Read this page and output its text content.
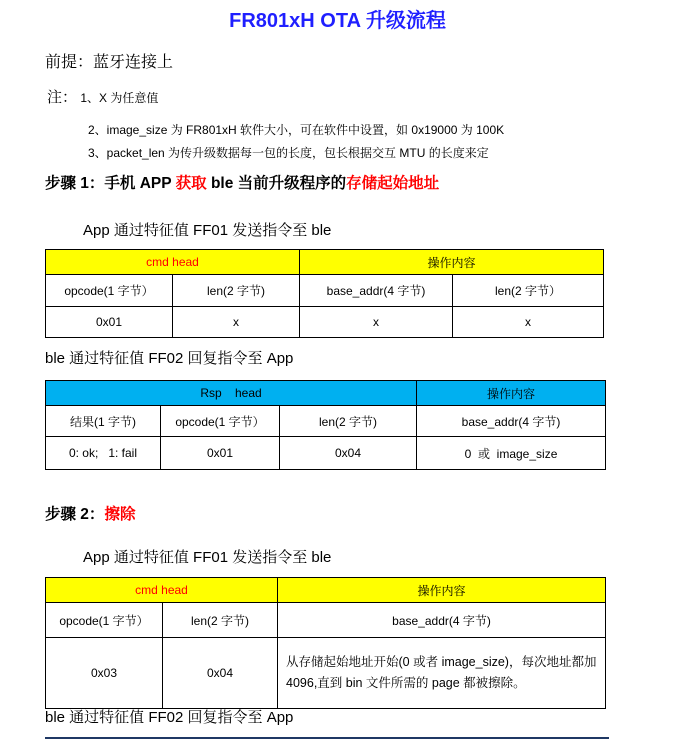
FR801xH OTA 升级流程
前提：蓝牙连接上
注： 1、X 为任意值
2、image_size 为 FR801xH 软件大小，可在软件中设置，如 0x19000 为 100K
3、packet_len 为传升级数据每一包的长度，包长根据交互 MTU 的长度来定
步骤 1：手机 APP 获取 ble 当前升级程序的存储起始地址
App 通过特征值 FF01 发送指令至 ble
cmd head		操作内容	
opcode(1 字节）	len(2 字节)	base_addr(4 字节)	len(2 字节）
0x01	x	x	x
ble 通过特征值 FF02 回复指令至 App
Rsp    head			操作内容
结果(1 字节)	opcode(1 字节）	len(2 字节)	base_addr(4 字节)
0: ok;   1: fail	0x01	0x04	0  或  image_size
步骤 2：擦除
App 通过特征值 FF01 发送指令至 ble
cmd head		操作内容
opcode(1 字节）	len(2 字节)	base_addr(4 字节)
0x03	0x04	从存储起始地址开始(0 或者 image_size)，每次地址都加 4096,直到 bin 文件所需的 page 都被擦除。
ble 通过特征值 FF02 回复指令至 App
